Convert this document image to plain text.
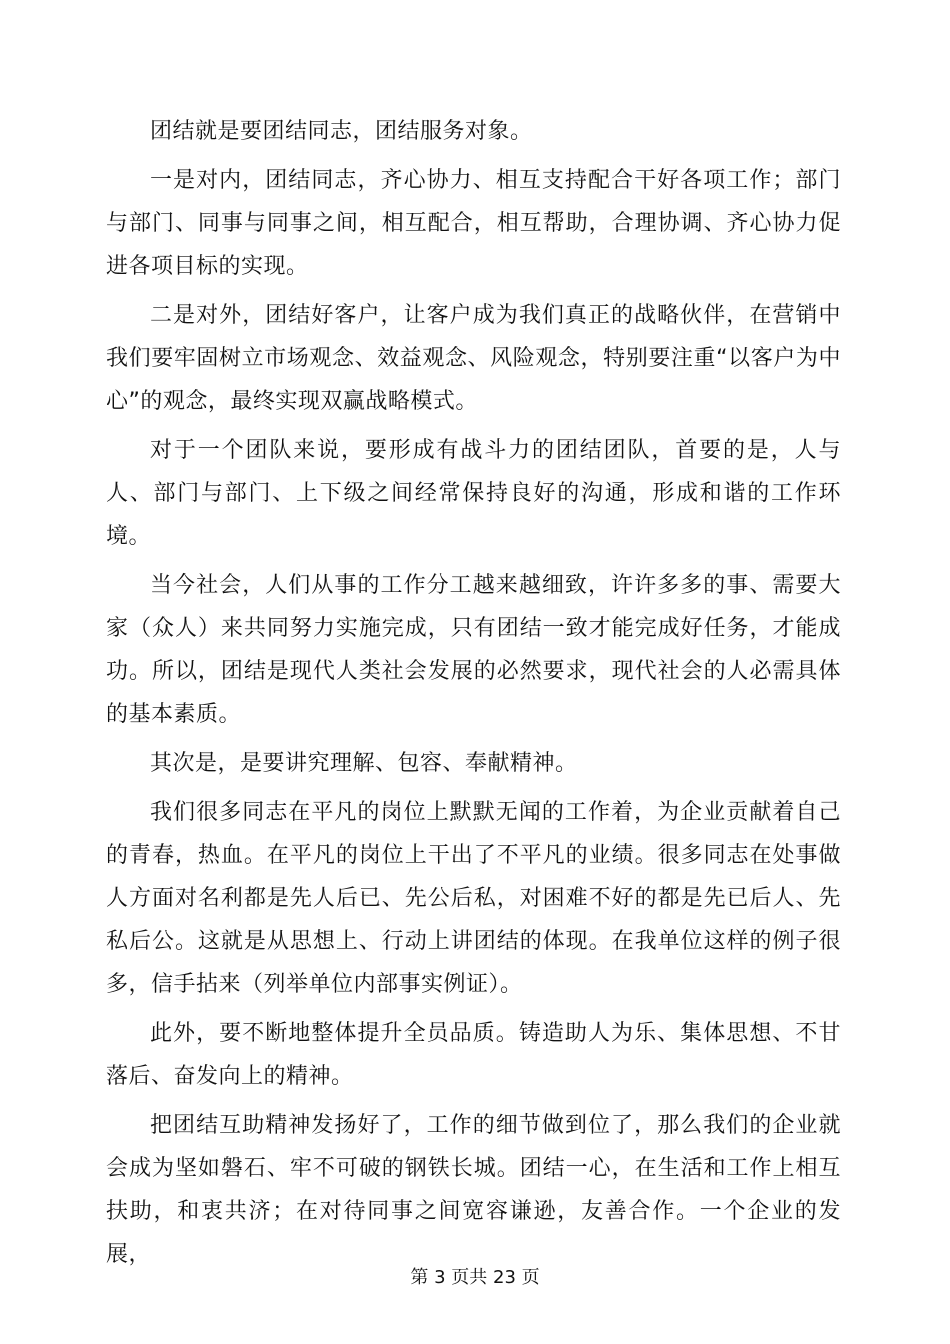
团结就是要团结同志，团结服务对象。

一是对内，团结同志，齐心协力、相互支持配合干好各项工作；部门与部门、同事与同事之间，相互配合，相互帮助，合理协调、齐心协力促进各项目标的实现。

二是对外，团结好客户，让客户成为我们真正的战略伙伴，在营销中我们要牢固树立市场观念、效益观念、风险观念，特别要注重“以客户为中心”的观念，最终实现双赢战略模式。

对于一个团队来说，要形成有战斗力的团结团队，首要的是，人与人、部门与部门、上下级之间经常保持良好的沟通，形成和谐的工作环境。

当今社会，人们从事的工作分工越来越细致，许许多多的事、需要大家（众人）来共同努力实施完成，只有团结一致才能完成好任务，才能成功。所以，团结是现代人类社会发展的必然要求，现代社会的人必需具体的基本素质。

其次是，是要讲究理解、包容、奉献精神。

我们很多同志在平凡的岗位上默默无闻的工作着，为企业贡献着自己的青春，热血。在平凡的岗位上干出了不平凡的业绩。很多同志在处事做人方面对名利都是先人后已、先公后私，对困难不好的都是先已后人、先私后公。这就是从思想上、行动上讲团结的体现。在我单位这样的例子很多，信手拈来（列举单位内部事实例证）。

此外，要不断地整体提升全员品质。铸造助人为乐、集体思想、不甘落后、奋发向上的精神。

把团结互助精神发扬好了，工作的细节做到位了，那么我们的企业就会成为坚如磐石、牢不可破的钢铁长城。团结一心，在生活和工作上相互扶助，和衷共济；在对待同事之间宽容谦逊，友善合作。一个企业的发展，

第 3 页共 23 页
